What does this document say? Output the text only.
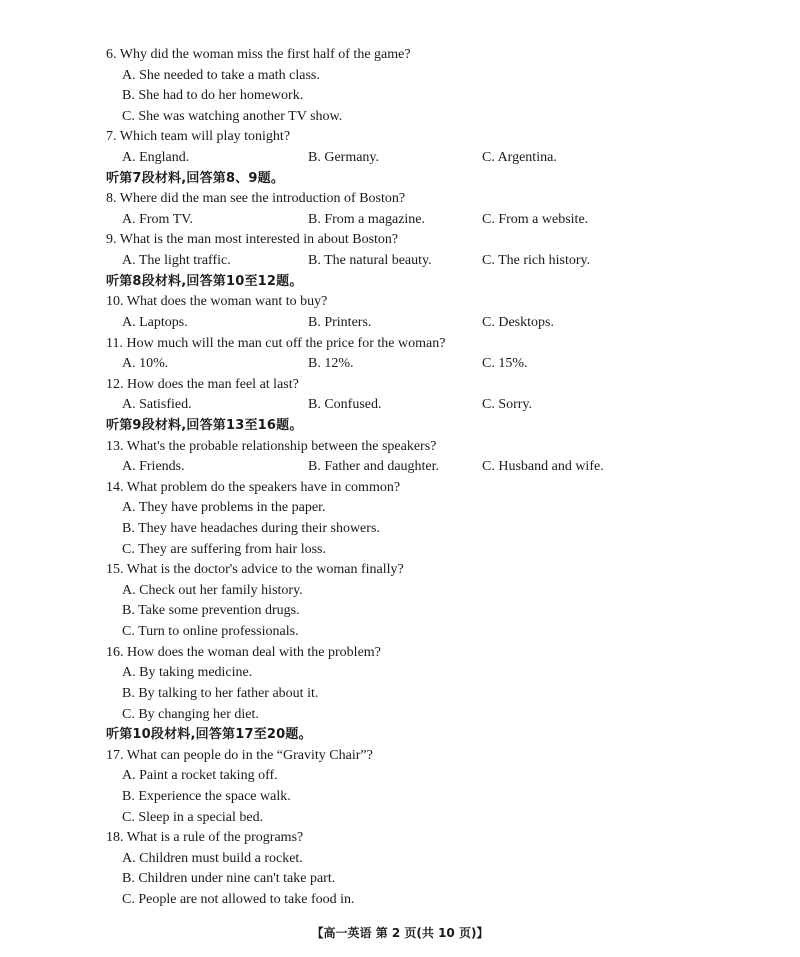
6. Why did the woman miss the first half of the game?
A. She needed to take a math class.
B. She had to do her homework.
C. She was watching another TV show.
7. Which team will play tonight?
A. England.	B. Germany.	C. Argentina.
听第7段材料,回答第8、9题。
8. Where did the man see the introduction of Boston?
A. From TV.	B. From a magazine.	C. From a website.
9. What is the man most interested in about Boston?
A. The light traffic.	B. The natural beauty.	C. The rich history.
听第8段材料,回答第10至12题。
10. What does the woman want to buy?
A. Laptops.	B. Printers.	C. Desktops.
11. How much will the man cut off the price for the woman?
A. 10%.	B. 12%.	C. 15%.
12. How does the man feel at last?
A. Satisfied.	B. Confused.	C. Sorry.
听第9段材料,回答第13至16题。
13. What's the probable relationship between the speakers?
A. Friends.	B. Father and daughter.	C. Husband and wife.
14. What problem do the speakers have in common?
A. They have problems in the paper.
B. They have headaches during their showers.
C. They are suffering from hair loss.
15. What is the doctor's advice to the woman finally?
A. Check out her family history.
B. Take some prevention drugs.
C. Turn to online professionals.
16. How does the woman deal with the problem?
A. By taking medicine.
B. By talking to her father about it.
C. By changing her diet.
听第10段材料,回答第17至20题。
17. What can people do in the “Gravity Chair”?
A. Paint a rocket taking off.
B. Experience the space walk.
C. Sleep in a special bed.
18. What is a rule of the programs?
A. Children must build a rocket.
B. Children under nine can't take part.
C. People are not allowed to take food in.
【高一英语 第 2 页(共 10 页)】
